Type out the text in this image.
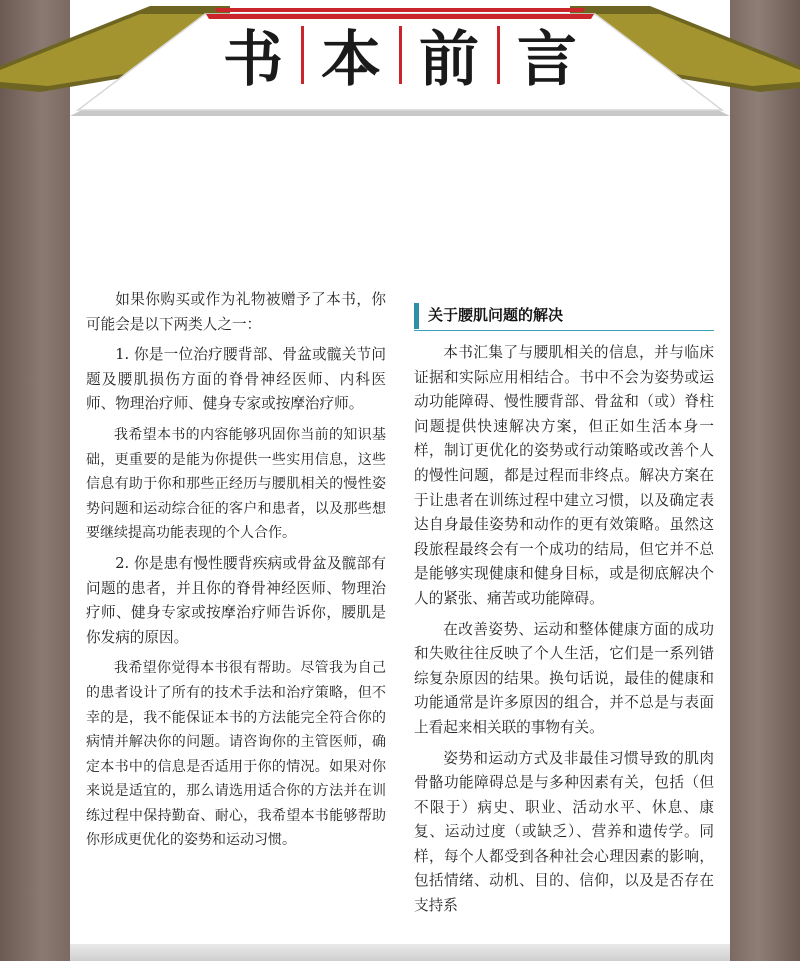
书 本 前 言

如果你购买或作为礼物被赠予了本书，你可能会是以下两类人之一：

1. 你是一位治疗腰背部、骨盆或髋关节问题及腰肌损伤方面的脊骨神经医师、内科医师、物理治疗师、健身专家或按摩治疗师。

我希望本书的内容能够巩固你当前的知识基础，更重要的是能为你提供一些实用信息，这些信息有助于你和那些正经历与腰肌相关的慢性姿势问题和运动综合征的客户和患者，以及那些想要继续提高功能表现的个人合作。

2. 你是患有慢性腰背疾病或骨盆及髋部有问题的患者，并且你的脊骨神经医师、物理治疗师、健身专家或按摩治疗师告诉你，腰肌是你发病的原因。

我希望你觉得本书很有帮助。尽管我为自己的患者设计了所有的技术手法和治疗策略，但不幸的是，我不能保证本书的方法能完全符合你的病情并解决你的问题。请咨询你的主管医师，确定本书中的信息是否适用于你的情况。如果对你来说是适宜的，那么请选用适合你的方法并在训练过程中保持勤奋、耐心，我希望本书能够帮助你形成更优化的姿势和运动习惯。

关于腰肌问题的解决

本书汇集了与腰肌相关的信息，并与临床证据和实际应用相结合。书中不会为姿势或运动功能障碍、慢性腰背部、骨盆和（或）脊柱问题提供快速解决方案，但正如生活本身一样，制订更优化的姿势或行动策略或改善个人的慢性问题，都是过程而非终点。解决方案在于让患者在训练过程中建立习惯，以及确定表达自身最佳姿势和动作的更有效策略。虽然这段旅程最终会有一个成功的结局，但它并不总是能够实现健康和健身目标，或是彻底解决个人的紧张、痛苦或功能障碍。

在改善姿势、运动和整体健康方面的成功和失败往往反映了个人生活，它们是一系列错综复杂原因的结果。换句话说，最佳的健康和功能通常是许多原因的组合，并不总是与表面上看起来相关联的事物有关。

姿势和运动方式及非最佳习惯导致的肌肉骨骼功能障碍总是与多种因素有关，包括（但不限于）病史、职业、活动水平、休息、康复、运动过度（或缺乏）、营养和遗传学。同样，每个人都受到各种社会心理因素的影响，包括情绪、动机、目的、信仰，以及是否存在支持系
